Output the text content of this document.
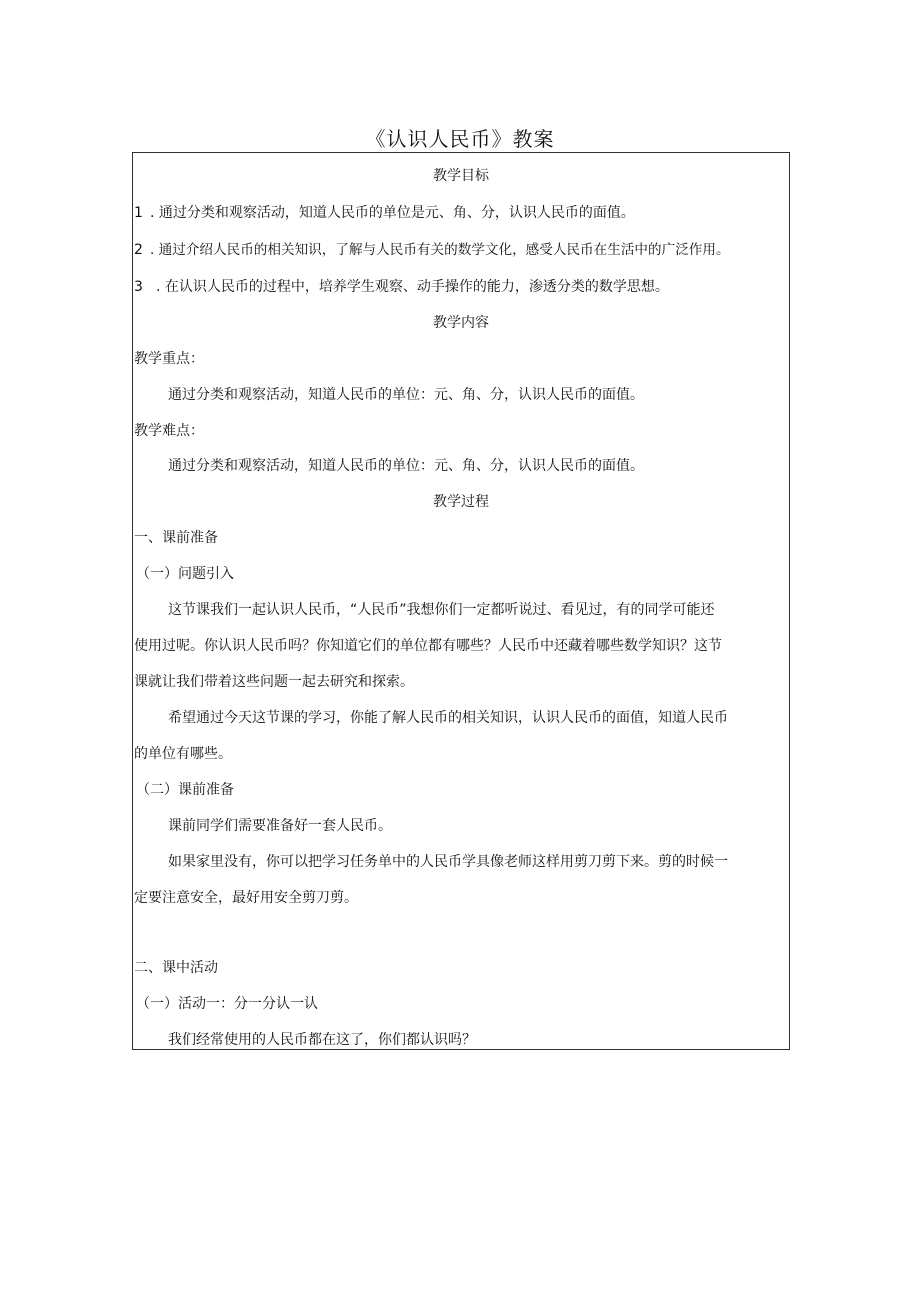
《认识人民币》教案
教学目标
1 . 通过分类和观察活动，知道人民币的单位是元、角、分，认识人民币的面值。
2 . 通过介绍人民币的相关知识，了解与人民币有关的数学文化，感受人民币在生活中的广泛作用。
3 . 在认识人民币的过程中，培养学生观察、动手操作的能力，渗透分类的数学思想。
教学内容
教学重点：
通过分类和观察活动，知道人民币的单位：元、角、分，认识人民币的面值。
教学难点：
通过分类和观察活动，知道人民币的单位：元、角、分，认识人民币的面值。
教学过程
一、课前准备
（一）问题引入
这节课我们一起认识人民币，“人民币”我想你们一定都听说过、看见过，有的同学可能还
使用过呢。你认识人民币吗？你知道它们的单位都有哪些？人民币中还藏着哪些数学知识？这节
课就让我们带着这些问题一起去研究和探索。
希望通过今天这节课的学习，你能了解人民币的相关知识，认识人民币的面值，知道人民币
的单位有哪些。
（二）课前准备
课前同学们需要准备好一套人民币。
如果家里没有，你可以把学习任务单中的人民币学具像老师这样用剪刀剪下来。剪的时候一
定要注意安全，最好用安全剪刀剪。
二、课中活动
（一）活动一：分一分认一认
我们经常使用的人民币都在这了，你们都认识吗？
